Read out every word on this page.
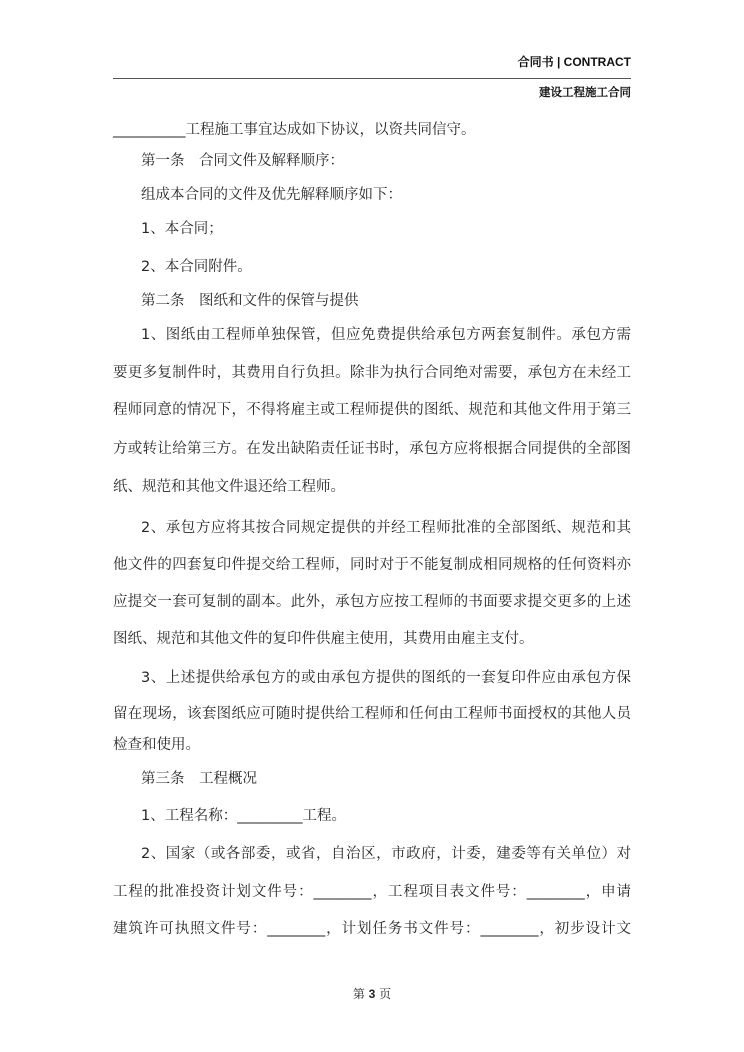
合同书 | CONTRACT
建设工程施工合同
__________工程施工事宜达成如下协议，以资共同信守。
第一条　合同文件及解释顺序：
组成本合同的文件及优先解释顺序如下：
1、本合同；
2、本合同附件。
第二条　图纸和文件的保管与提供
1、图纸由工程师单独保管，但应免费提供给承包方两套复制件。承包方需
要更多复制件时，其费用自行负担。除非为执行合同绝对需要，承包方在未经工
程师同意的情况下，不得将雇主或工程师提供的图纸、规范和其他文件用于第三
方或转让给第三方。在发出缺陷责任证书时，承包方应将根据合同提供的全部图
纸、规范和其他文件退还给工程师。
2、承包方应将其按合同规定提供的并经工程师批准的全部图纸、规范和其
他文件的四套复印件提交给工程师，同时对于不能复制成相同规格的任何资料亦
应提交一套可复制的副本。此外，承包方应按工程师的书面要求提交更多的上述
图纸、规范和其他文件的复印件供雇主使用，其费用由雇主支付。
3、上述提供给承包方的或由承包方提供的图纸的一套复印件应由承包方保
留在现场，该套图纸应可随时提供给工程师和任何由工程师书面授权的其他人员
检查和使用。
第三条　工程概况
1、工程名称：_________工程。
2、国家（或各部委，或省，自治区，市政府，计委，建委等有关单位）对
工程的批准投资计划文件号：________，工程项目表文件号：________，申请
建筑许可执照文件号：________，计划任务书文件号：________，初步设计文
第 3 页
